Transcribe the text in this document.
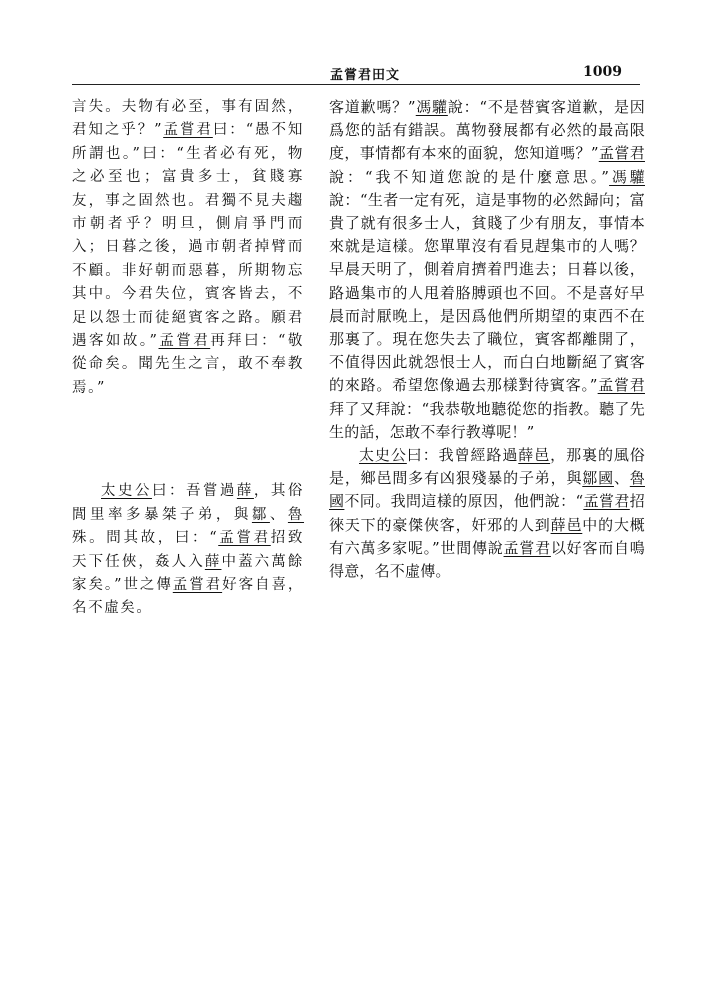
孟嘗君田文	1009

言失。夫物有必至，事有固然，君知之乎？”孟嘗君曰：“愚不知所謂也。”曰：“生者必有死，物之必至也；富貴多士，貧賤寡友，事之固然也。君獨不見夫趨市朝者乎？明旦，側肩爭門而入；日暮之後，過市朝者掉臂而不顧。非好朝而惡暮，所期物忘其中。今君失位，賓客皆去，不足以怨士而徒絕賓客之路。願君遇客如故。”孟嘗君再拜曰：“敬從命矣。聞先生之言，敢不奉教焉。”

太史公曰：吾嘗過薛，其俗閭里率多暴桀子弟，與鄒、魯殊。問其故，曰：“孟嘗君招致天下任俠，姦人入薛中蓋六萬餘家矣。”世之傳孟嘗君好客自喜，名不虛矣。

客道歉嗎？”馮驩說：“不是替賓客道歉，是因爲您的話有錯誤。萬物發展都有必然的最高限度，事情都有本來的面貌，您知道嗎？”孟嘗君說：“我不知道您說的是什麼意思。”馮驩說：“生者一定有死，這是事物的必然歸向；富貴了就有很多士人，貧賤了少有朋友，事情本來就是這樣。您單單沒有看見趕集市的人嗎？早晨天明了，側着肩擠着門進去；日暮以後，路過集市的人甩着胳膊頭也不回。不是喜好早晨而討厭晚上，是因爲他們所期望的東西不在那裏了。現在您失去了職位，賓客都離開了，不值得因此就怨恨士人，而白白地斷絕了賓客的來路。希望您像過去那樣對待賓客。”孟嘗君拜了又拜說：“我恭敬地聽從您的指教。聽了先生的話，怎敢不奉行教導呢！”

太史公曰：我曾經路過薛邑，那裏的風俗是，鄉邑間多有凶狠殘暴的子弟，與鄒國、魯國不同。我問這樣的原因，他們說：“孟嘗君招徠天下的豪傑俠客，奸邪的人到薛邑中的大概有六萬多家呢。”世間傳說孟嘗君以好客而自鳴得意，名不虛傳。
